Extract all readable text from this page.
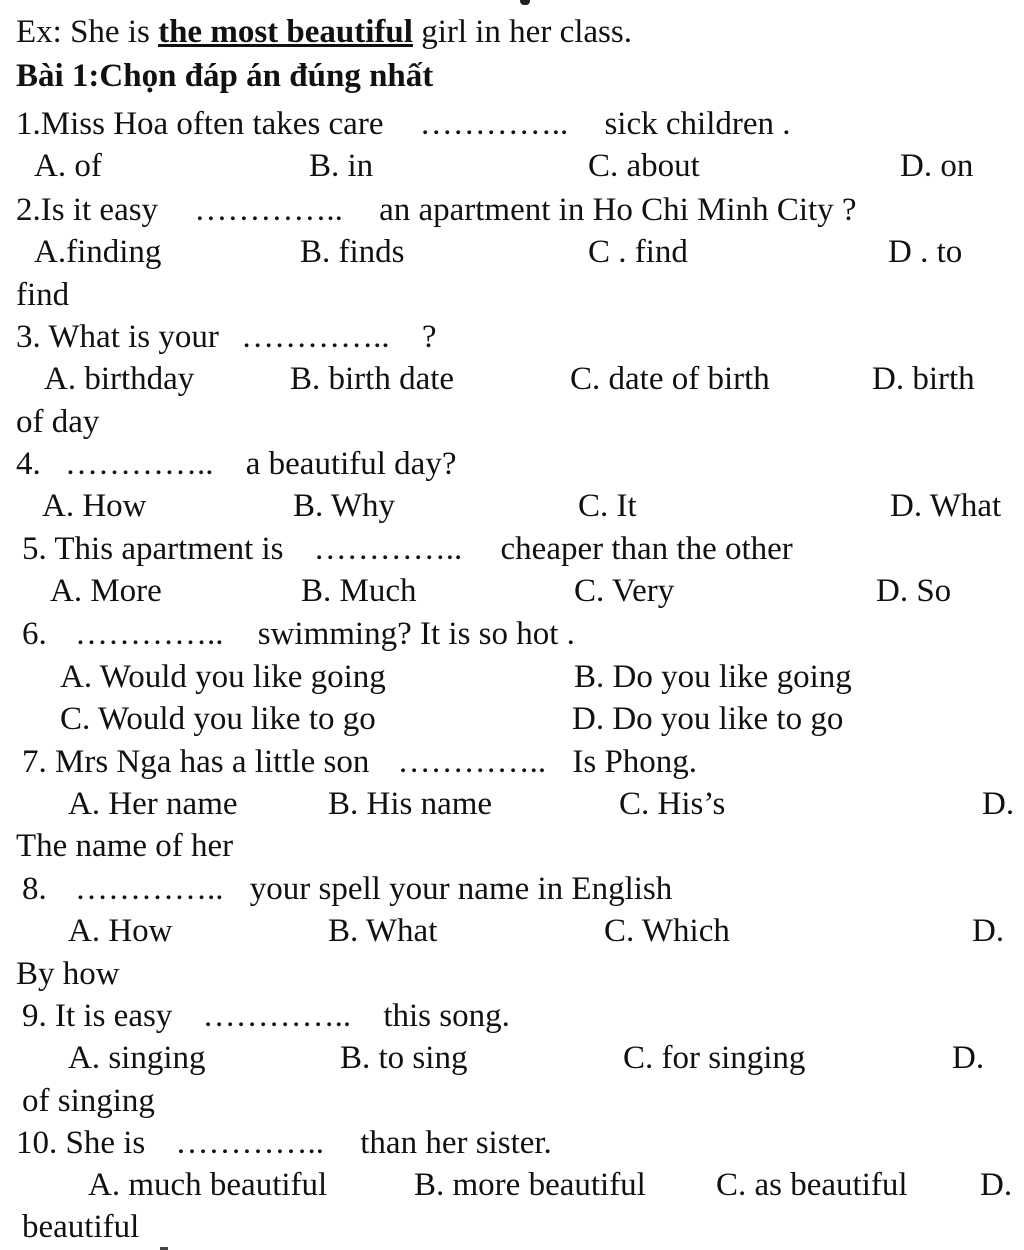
Ex: She is the most beautiful girl in her class.
Bài 1:Chọn đáp án đúng nhất
1.Miss Hoa often takes care ………….. sick children .
A. of	B. in	C. about	D. on
2.Is it easy ………….. an apartment in Ho Chi Minh City ?
A.finding	B. finds	C . find	D . to
find
3. What is your ………….. ?
A. birthday	B. birth date	C. date of birth	D. birth
of day
4. ………….. a beautiful day?
A. How	B. Why	C. It	D. What
5. This apartment is ………….. cheaper than the other
A. More	B. Much	C. Very	D. So
6. ………….. swimming? It is so hot .
A. Would you like going	B. Do you like going
C. Would you like to go	D. Do you like to go
7. Mrs Nga has a little son ………….. Is Phong.
A. Her name	B. His name	C. His’s	D.
The name of her
8. ………….. your spell your name in English
A. How	B. What	C. Which	D.
By how
9. It is easy ………….. this song.
A. singing	B. to sing	C. for singing	D.
of singing
10. She is ………….. than her sister.
A. much beautiful	B. more beautiful C. as beautiful D.
beautiful
